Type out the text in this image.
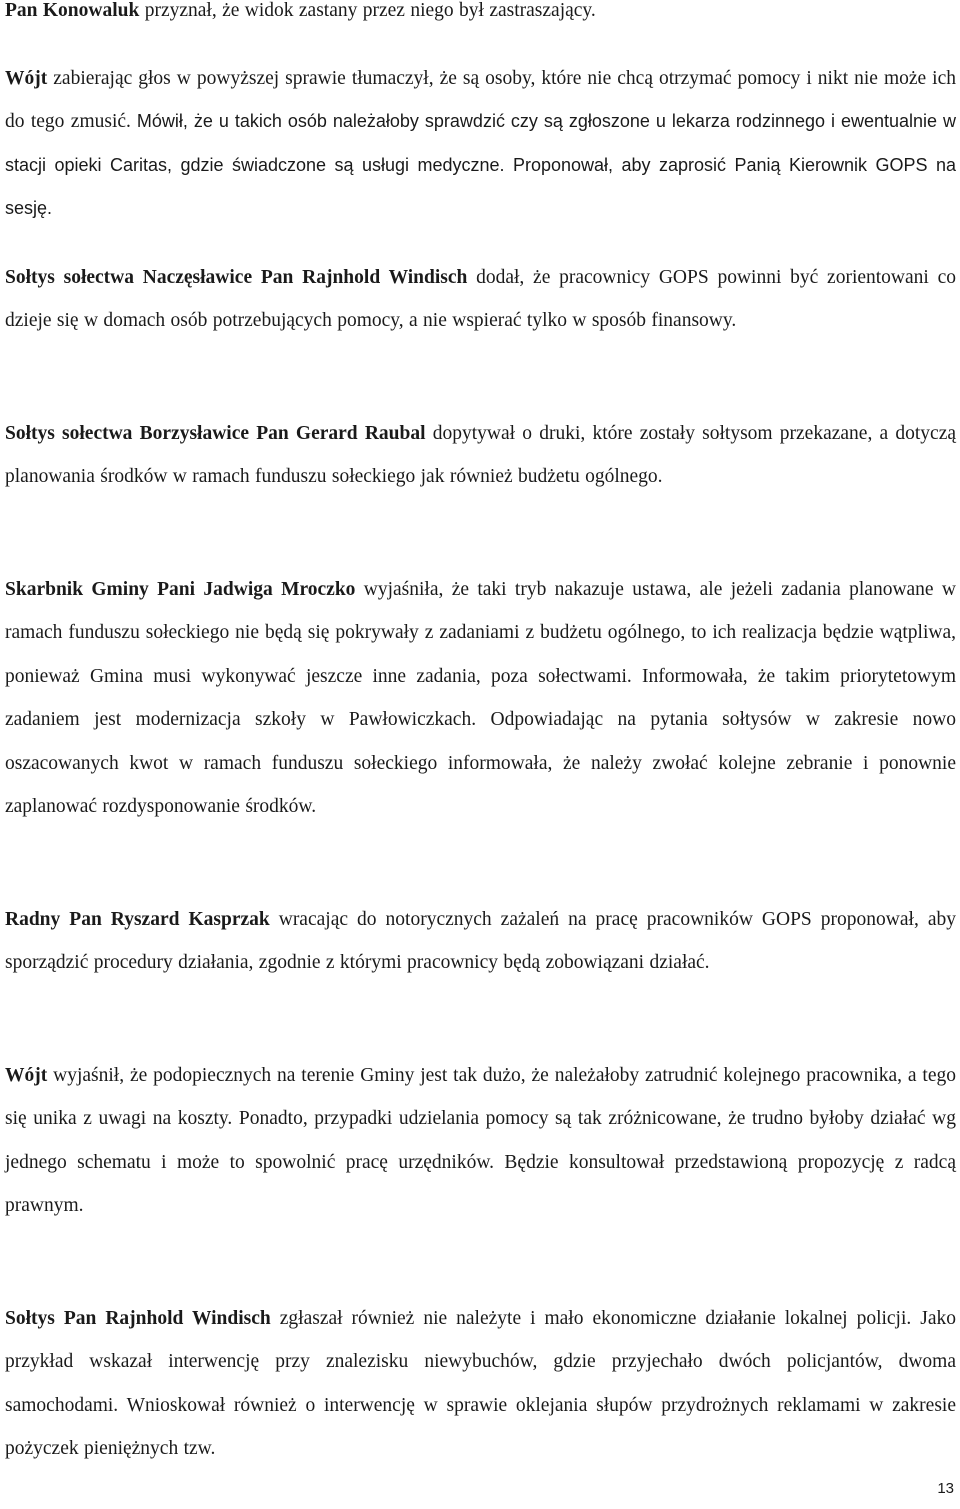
Pan Konowaluk przyznał, że widok zastany przez niego był zastraszający.

Wójt zabierając głos w powyższej sprawie tłumaczył, że są osoby, które nie chcą otrzymać pomocy i nikt nie może ich do tego zmusić. Mówił, że u takich osób należałoby sprawdzić czy są zgłoszone u lekarza rodzinnego i ewentualnie w stacji opieki Caritas, gdzie świadczone są usługi medyczne. Proponował, aby zaprosić Panią Kierownik GOPS na sesję.

Sołtys sołectwa Naczęsławice Pan Rajnhold Windisch dodał, że pracownicy GOPS powinni być zorientowani co dzieje się w domach osób potrzebujących pomocy, a nie wspierać tylko w sposób finansowy.

Sołtys sołectwa Borzysławice Pan Gerard Raubal dopytywał o druki, które zostały sołtysom przekazane, a dotyczą planowania środków w ramach funduszu sołeckiego jak również budżetu ogólnego.

Skarbnik Gminy Pani Jadwiga Mroczko wyjaśniła, że taki tryb nakazuje ustawa, ale jeżeli zadania planowane w ramach funduszu sołeckiego nie będą się pokrywały z zadaniami z budżetu ogólnego, to ich realizacja będzie wątpliwa, ponieważ Gmina musi wykonywać jeszcze inne zadania, poza sołectwami. Informowała, że takim priorytetowym zadaniem jest modernizacja szkoły w Pawłowiczkach. Odpowiadając na pytania sołtysów w zakresie nowo oszacowanych kwot w ramach funduszu sołeckiego informowała, że należy zwołać kolejne zebranie i ponownie zaplanować rozdysponowanie środków.

Radny Pan Ryszard Kasprzak wracając do notorycznych zażaleń na pracę pracowników GOPS proponował, aby sporządzić procedury działania, zgodnie z którymi pracownicy będą zobowiązani działać.

Wójt wyjaśnił, że podopiecznych na terenie Gminy jest tak dużo, że należałoby zatrudnić kolejnego pracownika, a tego się unika z uwagi na koszty. Ponadto, przypadki udzielania pomocy są tak zróżnicowane, że trudno byłoby działać wg jednego schematu i może to spowolnić pracę urzędników. Będzie konsultował przedstawioną propozycję z radcą prawnym.

Sołtys Pan Rajnhold Windisch zgłaszał również nie należyte i mało ekonomiczne działanie lokalnej policji. Jako przykład wskazał interwencję przy znalezisku niewybuchów, gdzie przyjechało dwóch policjantów, dwoma samochodami. Wnioskował również o interwencję w sprawie oklejania słupów przydrożnych reklamami w zakresie pożyczek pieniężnych tzw.

13
